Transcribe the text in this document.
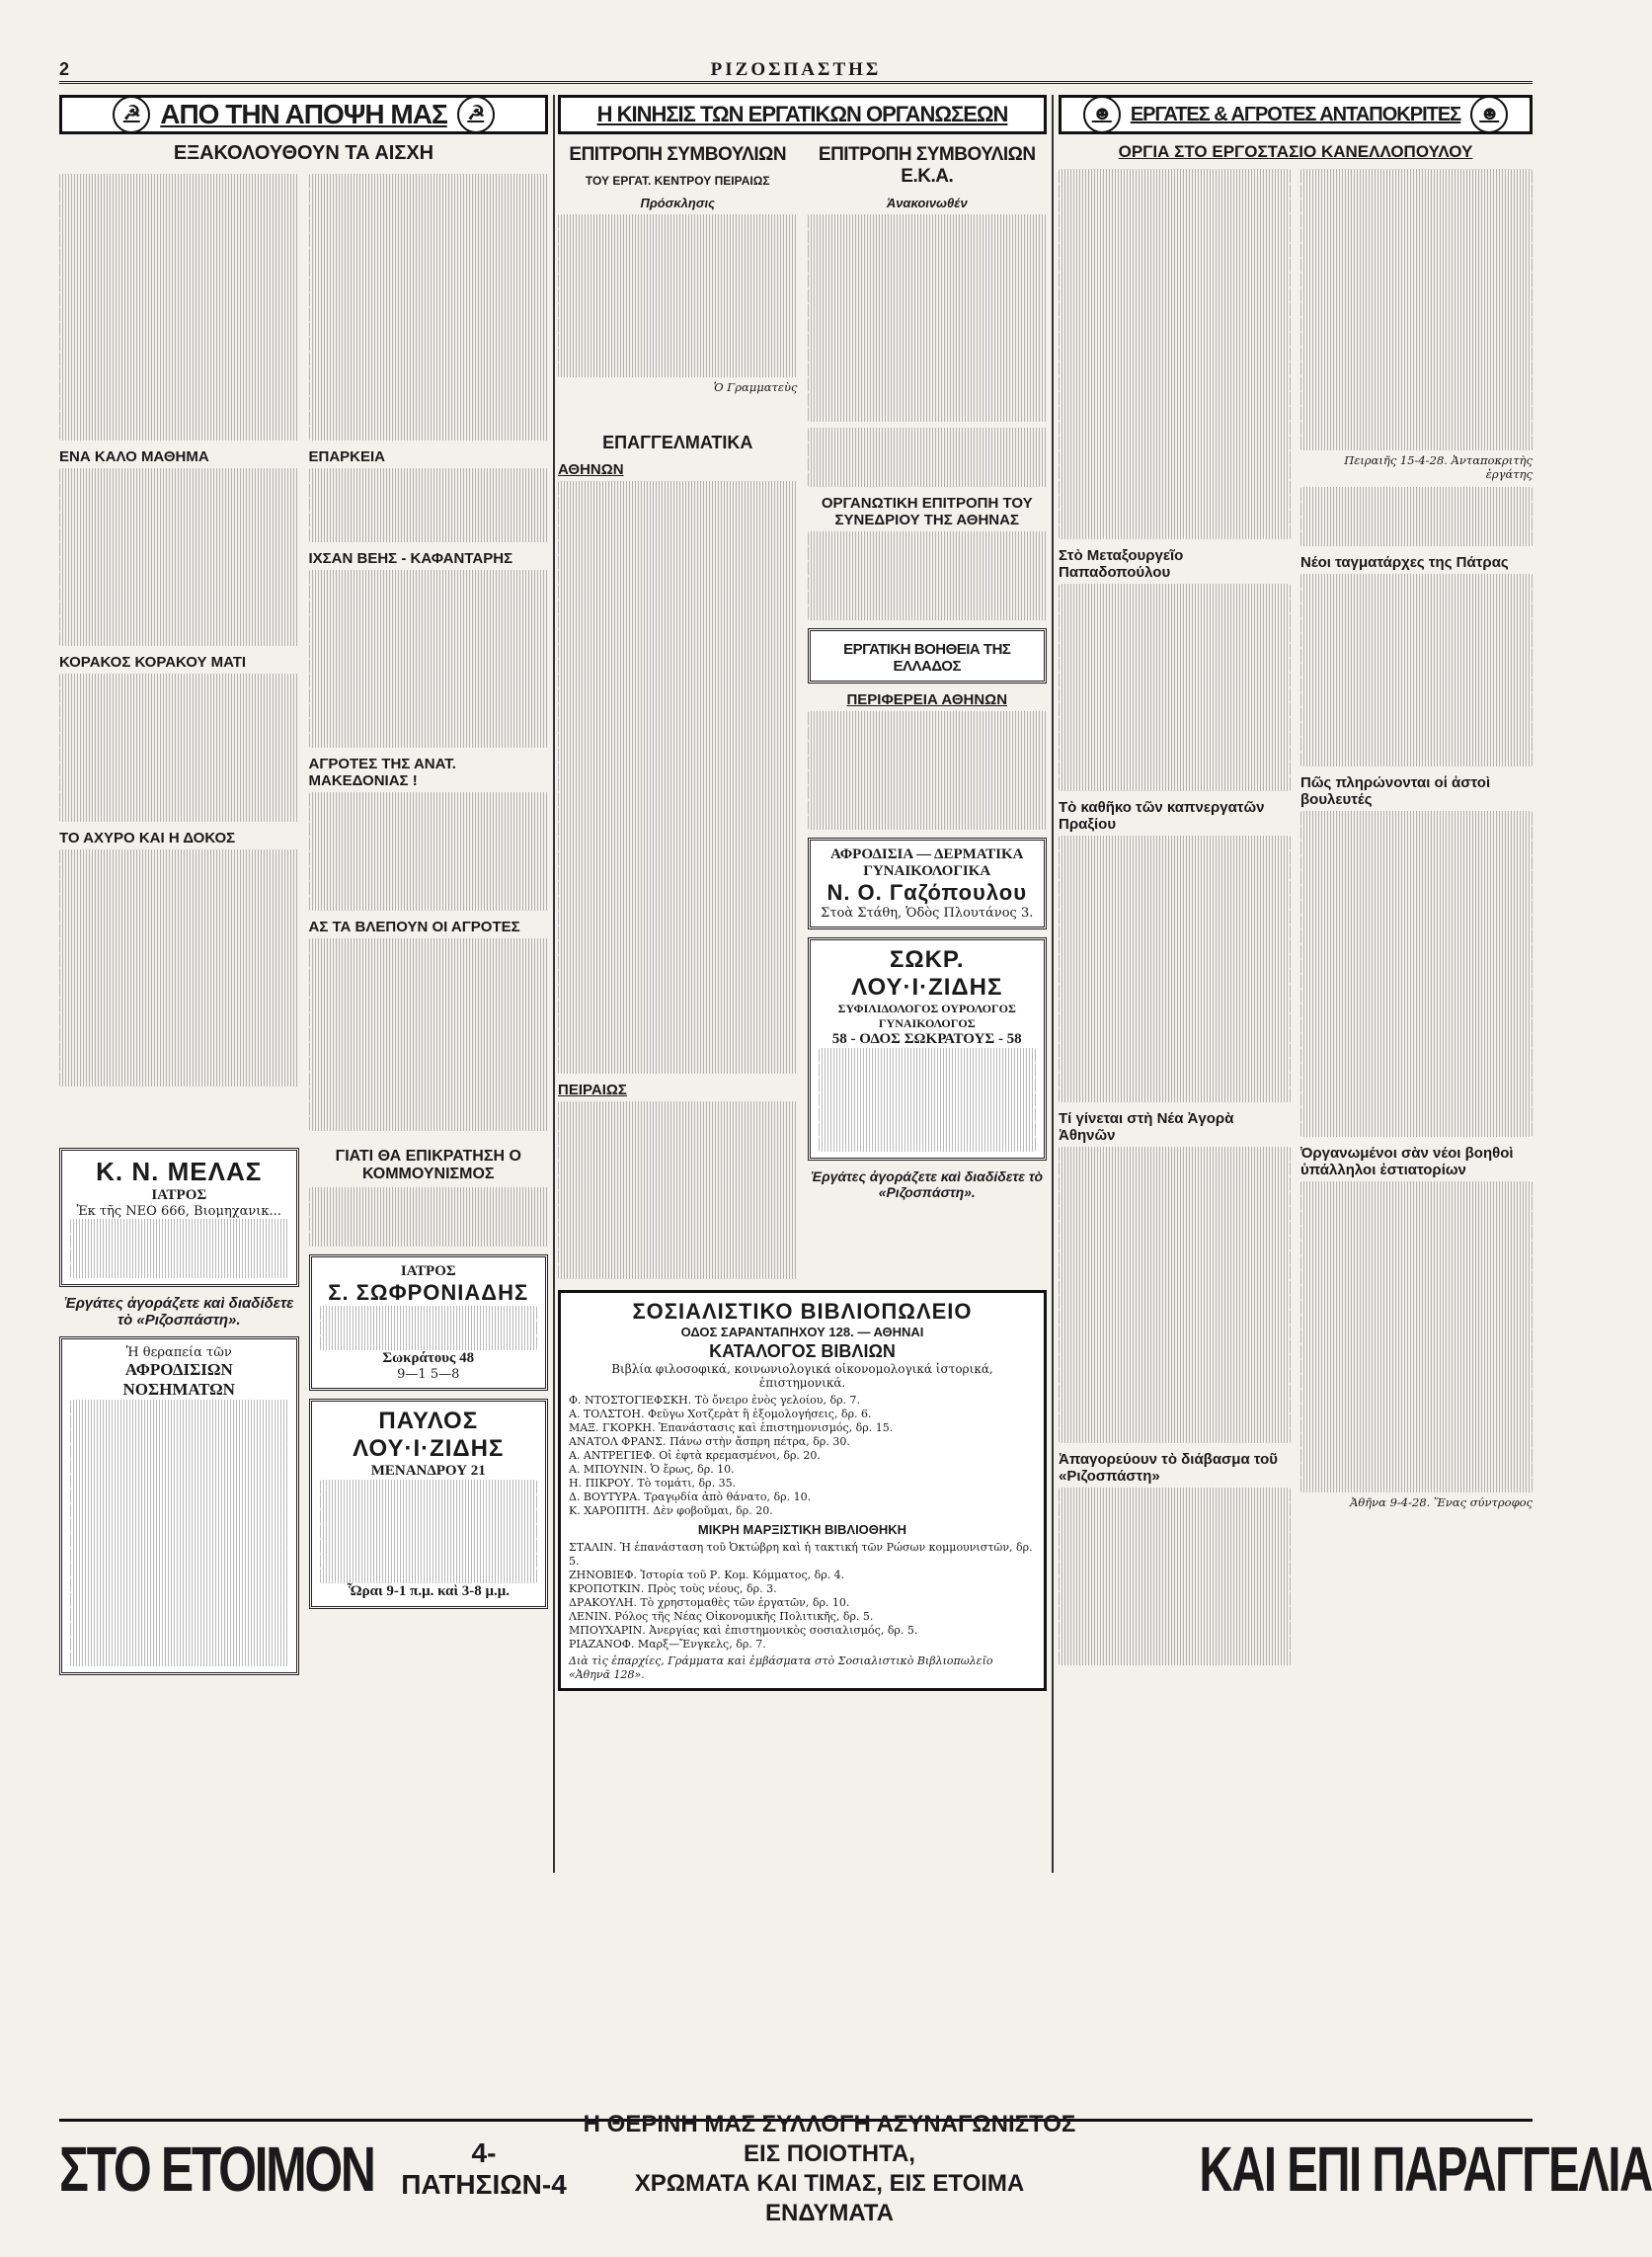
2	ΡΙΖΟΣΠΑΣΤΗΣ
☭ ΑΠΟ ΤΗΝ ΑΠΟΨΗ ΜΑΣ	☭
ΕΞΑΚΟΛΟΥΘΟΥΝ ΤΑ ΑΙΣΧΗ
ΕΝΑ ΚΑΛΟ ΜΑΘΗΜΑ
ΚΟΡΑΚΟΣ ΚΟΡΑΚΟΥ ΜΑΤΙ
ΤΟ ΑΧΥΡΟ ΚΑΙ Η ΔΟΚΟΣ
ΕΠΑΡΚΕΙΑ
ΙΧΣΑΝ ΒΕΗΣ - ΚΑΦΑΝΤΑΡΗΣ
ΑΓΡΟΤΕΣ ΤΗΣ ΑΝΑΤ. ΜΑΚΕΔΟΝΙΑΣ !
ΑΣ ΤΑ ΒΛΕΠΟΥΝ ΟΙ ΑΓΡΟΤΕΣ
Κ. Ν. ΜΕΛΑΣ
ΙΑΤΡΟΣ
Ἐκ τῆς ΝΕΟ 666, Βιομηχανικ...
Ἐργάτες ἀγοράζετε καὶ διαδίδετε τὸ «Ριζοσπάστη».
Ἡ θεραπεία τῶν
ΑΦΡΟΔΙΣΙΩΝ ΝΟΣΗΜΑΤΩΝ
ΓΙΑΤΙ ΘΑ ΕΠΙΚΡΑΤΗΣΗ Ο ΚΟΜΜΟΥΝΙΣΜΟΣ
ΙΑΤΡΟΣ
Σ. ΣΩΦΡΟΝΙΑΔΗΣ
Σωκράτους 48
9—1 5—8
ΠΑΥΛΟΣ ΛΟΥ·Ι·ΖΙΔΗΣ
ΜΕΝΑΝΔΡΟΥ 21
Ὧραι 9-1 π.μ. καὶ 3-8 μ.μ.
Η ΚΙΝΗΣΙΣ ΤΩΝ ΕΡΓΑΤΙΚΩΝ ΟΡΓΑΝΩΣΕΩΝ
ΕΠΙΤΡΟΠΗ ΣΥΜΒΟΥΛΙΩΝ
ΤΟΥ ΕΡΓΑΤ. ΚΕΝΤΡΟΥ ΠΕΙΡΑΙΩΣ
Πρόσκλησις
Ὁ Γραμματεὺς
ΕΠΙΤΡΟΠΗ ΣΥΜΒΟΥΛΙΩΝ Ε.Κ.Α.
Ἀνακοινωθέν
ΕΠΑΓΓΕΛΜΑΤΙΚΑ
ΑΘΗΝΩΝ
ΠΕΙΡΑΙΩΣ
ΟΡΓΑΝΩΤΙΚΗ ΕΠΙΤΡΟΠΗ ΤΟΥ ΣΥΝΕΔΡΙΟΥ ΤΗΣ ΑΘΗΝΑΣ
ΕΡΓΑΤΙΚΗ ΒΟΗΘΕΙΑ ΤΗΣ ΕΛΛΑΔΟΣ
ΠΕΡΙΦΕΡΕΙΑ ΑΘΗΝΩΝ
ΑΦΡΟΔΙΣΙΑ — ΔΕΡΜΑΤΙΚΑ ΓΥΝΑΙΚΟΛΟΓΙΚΑ
Ν. Ο. Γαζόπουλου
Στοὰ Στάθη, Ὁδὸς Πλουτάνος 3.
ΣΩΚΡ. ΛΟΥ·Ι·ΖΙΔΗΣ
ΣΥΦΙΛΙΔΟΛΟΓΟΣ ΟΥΡΟΛΟΓΟΣ ΓΥΝΑΙΚΟΛΟΓΟΣ
58 - ΟΔΟΣ ΣΩΚΡΑΤΟΥΣ - 58
Ἐργάτες ἀγοράζετε καὶ διαδίδετε τὸ «Ριζοσπάστη».
ΣΟΣΙΑΛΙΣΤΙΚΟ ΒΙΒΛΙΟΠΩΛΕΙΟ
ΟΔΟΣ ΣΑΡΑΝΤΑΠΗΧΟΥ 128. — ΑΘΗΝΑΙ
ΚΑΤΑΛΟΓΟΣ ΒΙΒΛΙΩΝ
Βιβλία φιλοσοφικά, κοινωνιολογικά οἰκονομολογικά ἱστορικά, ἐπιστημονικά.
Φ. ΝΤΟΣΤΟΓΙΕΦΣΚΗ. Τὸ ὄνειρο ἑνὸς γελοίου, δρ. 7.
Α. ΤΟΛΣΤΟΗ. Φεῦγω Χοτζερὰτ ἢ ἐξομολογήσεις, δρ. 6.
ΜΑΞ. ΓΚΟΡΚΗ. Ἐπανάστασις καὶ ἐπιστημονισμός, δρ. 15.
ΑΝΑΤΟΛ ΦΡΑΝΣ. Πάνω στὴν ἄσπρη πέτρα, δρ. 30.
Α. ΑΝΤΡΕΓΙΕΦ. Οἱ ἑφτὰ κρεμασμένοι, δρ. 20.
Α. ΜΠΟΥΝΙΝ. Ὁ ἔρως, δρ. 10.
Η. ΠΙΚΡΟΥ. Τὸ τομάτι, δρ. 35.
Δ. ΒΟΥΤΥΡΑ. Τραγῳδία ἀπὸ θάνατο, δρ. 10.
Κ. ΧΑΡΟΠΙΤΗ. Δὲν φοβοῦμαι, δρ. 20.
ΜΙΚΡΗ ΜΑΡΞΙΣΤΙΚΗ ΒΙΒΛΙΟΘΗΚΗ
ΣΤΑΛΙΝ. Ἡ ἐπανάσταση τοῦ Ὀκτώβρη καὶ ἡ τακτική τῶν Ρώσων κομμουνιστῶν, δρ. 5.
ΖΗΝΟΒΙΕΦ. Ἱστορία τοῦ Ρ. Κομ. Κόμματος, δρ. 4.
ΚΡΟΠΟΤΚΙΝ. Πρὸς τοὺς νέους, δρ. 3.
ΔΡΑΚΟΥΛΗ. Τὸ χρηστομαθὲς τῶν ἐργατῶν, δρ. 10.
ΛΕΝΙΝ. Ρόλος τῆς Νέας Οἰκονομικῆς Πολιτικῆς, δρ. 5.
ΜΠΟΥΧΑΡΙΝ. Ἀνεργίας καὶ ἐπιστημονικὸς σοσιαλισμός, δρ. 5.
ΡΙΑΖΑΝΟΦ. Μαρξ—Ἔνγκελς, δρ. 7.
Διὰ τὶς ἐπαρχίες, Γράμματα καὶ ἐμβάσματα στὸ Σοσιαλιστικὸ Βιβλιοπωλεῖο «Ἀθηνᾶ 128».
☻ ΕΡΓΑΤΕΣ & ΑΓΡΟΤΕΣ ΑΝΤΑΠΟΚΡΙΤΕΣ ☻
ΟΡΓΙΑ ΣΤΟ ΕΡΓΟΣΤΑΣΙΟ ΚΑΝΕΛΛΟΠΟΥΛΟΥ
Στὸ Μεταξουργεῖο Παπαδοπούλου
Τὸ καθῆκο τῶν καπνεργατῶν Πραξίου
Τί γίνεται στὴ Νέα Ἀγορὰ Ἀθηνῶν
Ἀπαγορεύουν τὸ διάβασμα τοῦ «Ριζοσπάστη»
Πειραιῆς 15-4-28. Ἀνταποκριτὴς ἐργάτης
Νέοι ταγματάρχες της Πάτρας
Πῶς πληρώνονται οἱ ἀστοὶ βουλευτές
Ὀργανωμένοι σὰν νέοι βοηθοὶ ὑπάλληλοι ἐστιατορίων
Ἀθῆνα 9-4-28. Ἕνας σύντροφος
ΣΤΟ ΕΤΟΙΜΟΝ	4-ΠΑΤΗΣΙΩΝ-4
Η ΘΕΡΙΝΗ ΜΑΣ ΣΥΛΛΟΓΗ ΑΣΥΝΑΓΩΝΙΣΤΟΣ ΕΙΣ ΠΟΙΟΤΗΤΑ,
ΧΡΩΜΑΤΑ ΚΑΙ ΤΙΜΑΣ, ΕΙΣ ΕΤΟΙΜΑ ΕΝΔΥΜΑΤΑ
ΚΑΙ ΕΠΙ ΠΑΡΑΓΓΕΛΙΑ
